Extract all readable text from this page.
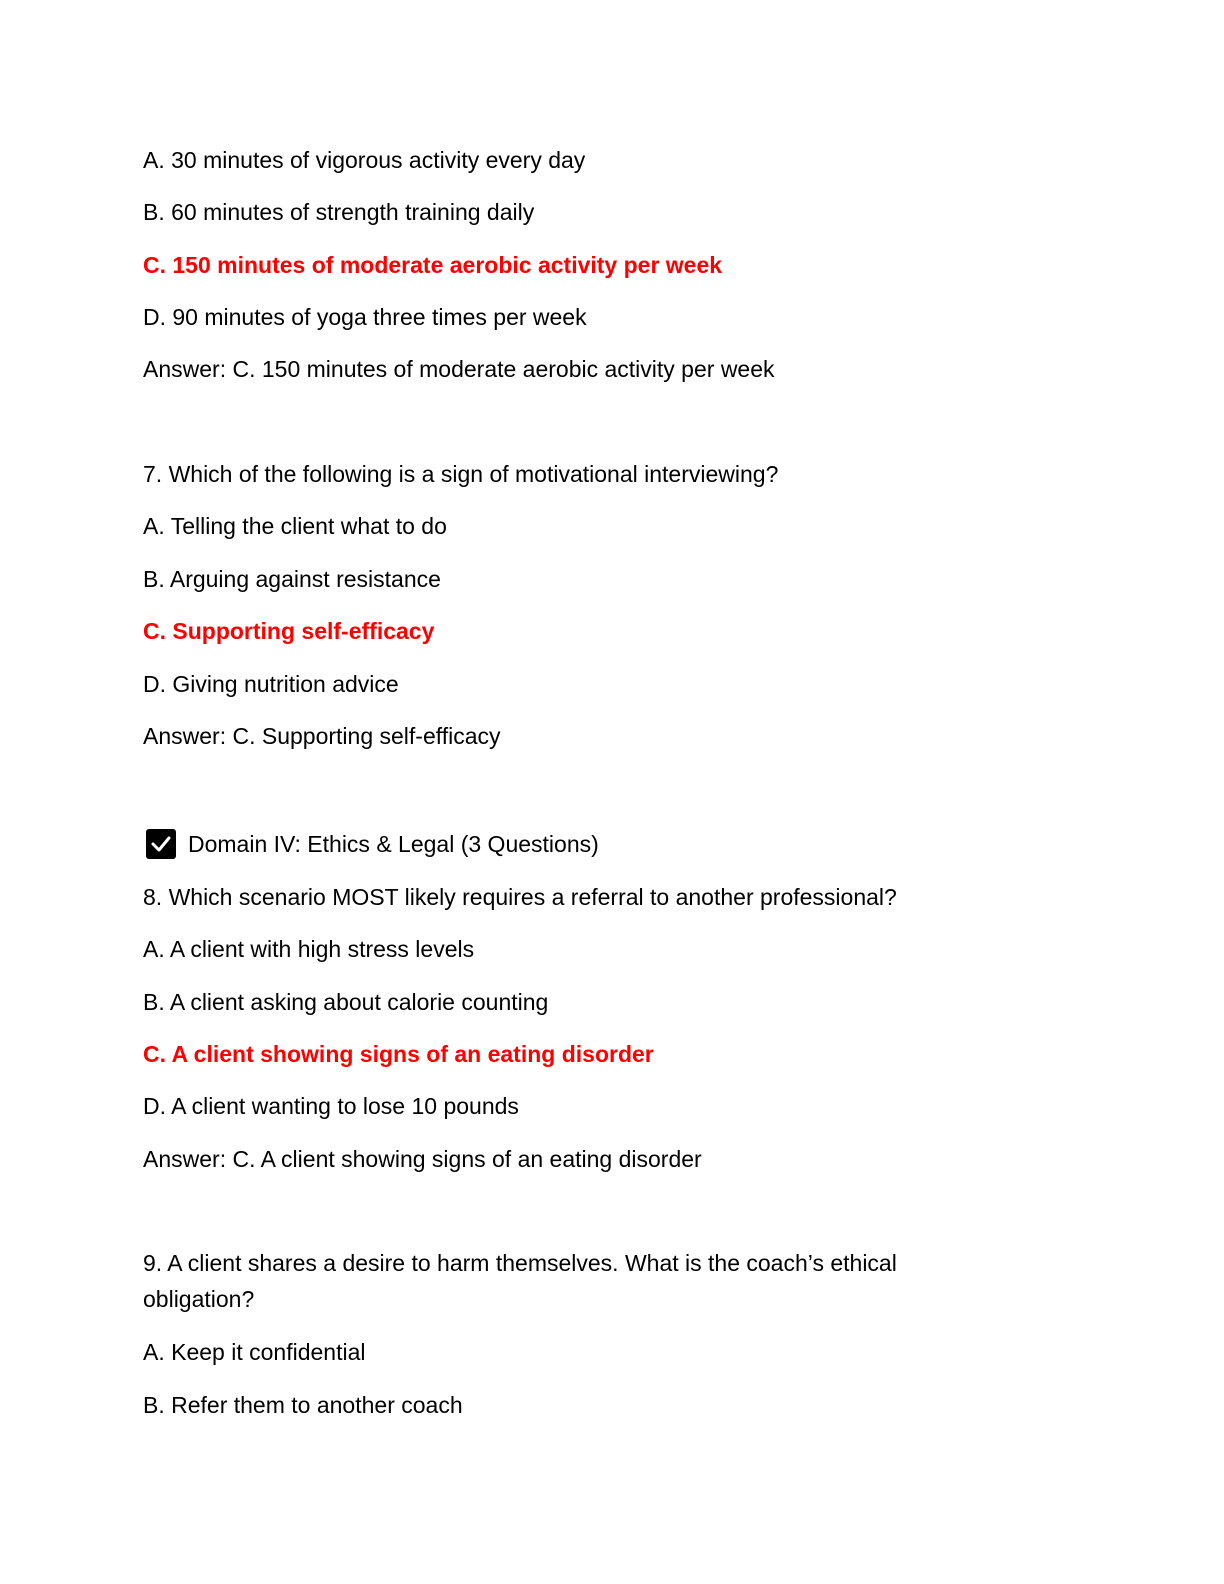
A. 30 minutes of vigorous activity every day
B. 60 minutes of strength training daily
C. 150 minutes of moderate aerobic activity per week
D. 90 minutes of yoga three times per week
Answer: C. 150 minutes of moderate aerobic activity per week
7. Which of the following is a sign of motivational interviewing?
A. Telling the client what to do
B. Arguing against resistance
C. Supporting self-efficacy
D. Giving nutrition advice
Answer: C. Supporting self-efficacy
Domain IV: Ethics & Legal (3 Questions)
8. Which scenario MOST likely requires a referral to another professional?
A. A client with high stress levels
B. A client asking about calorie counting
C. A client showing signs of an eating disorder
D. A client wanting to lose 10 pounds
Answer: C. A client showing signs of an eating disorder
9. A client shares a desire to harm themselves. What is the coach’s ethical obligation?
A. Keep it confidential
B. Refer them to another coach
